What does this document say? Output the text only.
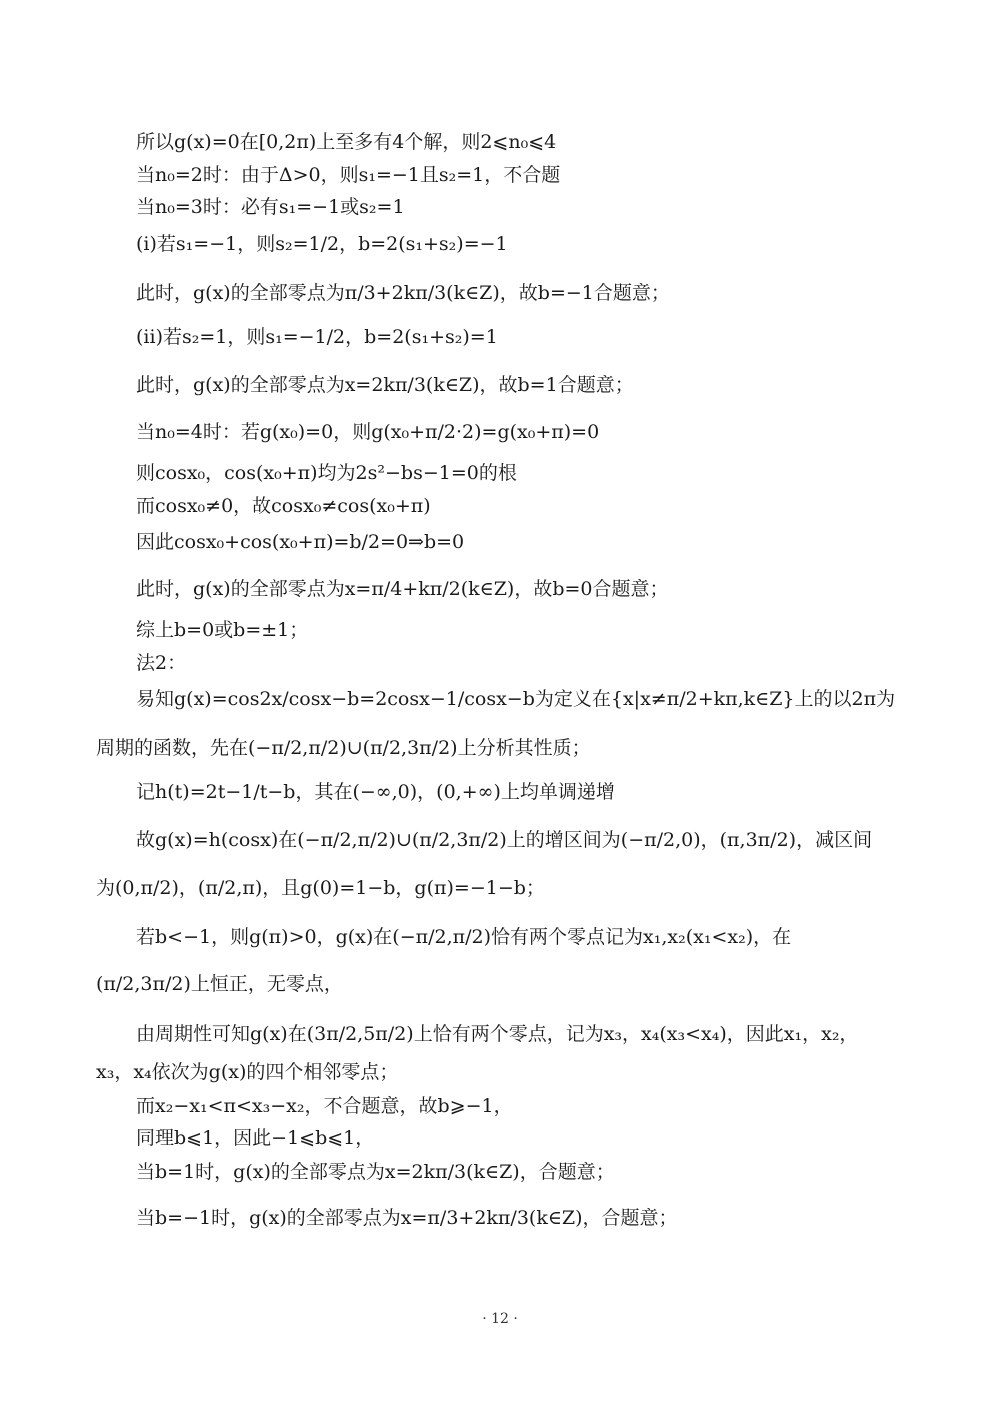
所以g(x)=0在[0,2π)上至多有4个解，则2⩽n₀⩽4
当n₀=2时：由于Δ>0，则s₁=−1且s₂=1，不合题
当n₀=3时：必有s₁=−1或s₂=1
(i)若s₁=−1，则s₂=1/2，b=2(s₁+s₂)=−1
此时，g(x)的全部零点为π/3+2kπ/3(k∈Z)，故b=−1合题意；
(ii)若s₂=1，则s₁=−1/2，b=2(s₁+s₂)=1
此时，g(x)的全部零点为x=2kπ/3(k∈Z)，故b=1合题意；
当n₀=4时：若g(x₀)=0，则g(x₀+π/2·2)=g(x₀+π)=0
则cosx₀，cos(x₀+π)均为2s²−bs−1=0的根
而cosx₀≠0，故cosx₀≠cos(x₀+π)
因此cosx₀+cos(x₀+π)=b/2=0⇒b=0
此时，g(x)的全部零点为x=π/4+kπ/2(k∈Z)，故b=0合题意；
综上b=0或b=±1；
法2：
易知g(x)=cos2x/cosx−b=2cosx−1/cosx−b为定义在{x|x≠π/2+kπ,k∈Z}上的以2π为
周期的函数，先在(−π/2,π/2)∪(π/2,3π/2)上分析其性质；
记h(t)=2t−1/t−b，其在(−∞,0)，(0,+∞)上均单调递增
故g(x)=h(cosx)在(−π/2,π/2)∪(π/2,3π/2)上的增区间为(−π/2,0)，(π,3π/2)，减区间
为(0,π/2)，(π/2,π)，且g(0)=1−b，g(π)=−1−b；
若b<−1，则g(π)>0，g(x)在(−π/2,π/2)恰有两个零点记为x₁,x₂(x₁<x₂)，在
(π/2,3π/2)上恒正，无零点，
由周期性可知g(x)在(3π/2,5π/2)上恰有两个零点，记为x₃，x₄(x₃<x₄)，因此x₁，x₂，
x₃，x₄依次为g(x)的四个相邻零点；
而x₂−x₁<π<x₃−x₂，不合题意，故b⩾−1，
同理b⩽1，因此−1⩽b⩽1，
当b=1时，g(x)的全部零点为x=2kπ/3(k∈Z)，合题意；
当b=−1时，g(x)的全部零点为x=π/3+2kπ/3(k∈Z)，合题意；
· 12 ·
